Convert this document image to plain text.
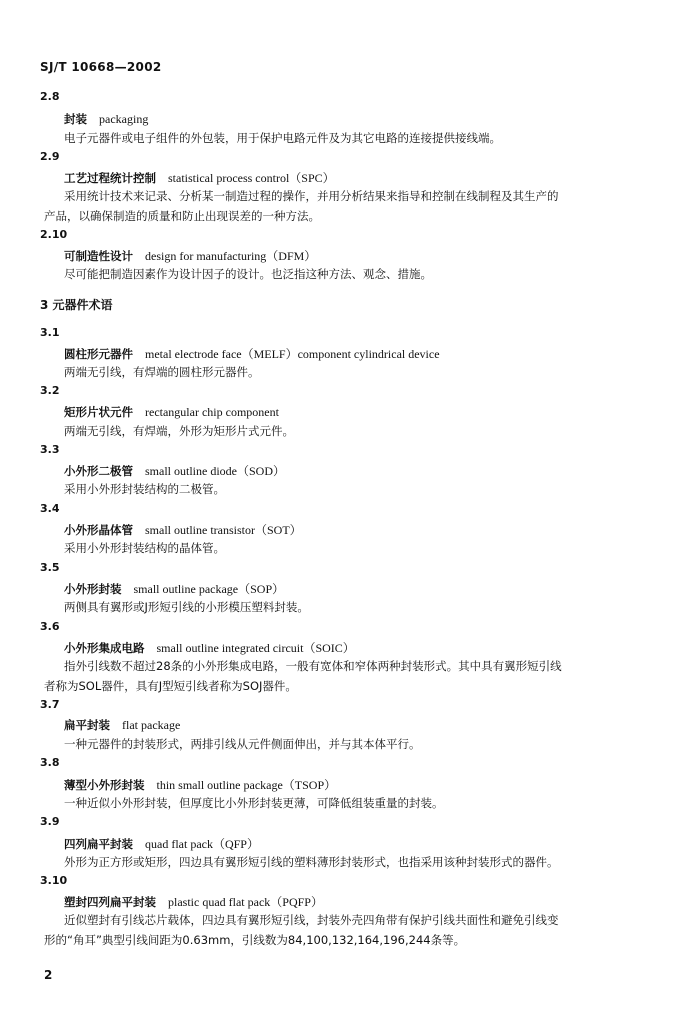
SJ/T 10668—2002
2.8
封装 packaging
电子元器件或电子组件的外包装，用于保护电路元件及为其它电路的连接提供接线端。
2.9
工艺过程统计控制 statistical process control（SPC）
采用统计技术来记录、分析某一制造过程的操作，并用分析结果来指导和控制在线制程及其生产的
产品，以确保制造的质量和防止出现误差的一种方法。
2.10
可制造性设计 design for manufacturing（DFM）
尽可能把制造因素作为设计因子的设计。也泛指这种方法、观念、措施。
3 元器件术语
3.1
圆柱形元器件 metal electrode face（MELF）component cylindrical device
两端无引线，有焊端的圆柱形元器件。
3.2
矩形片状元件 rectangular chip component
两端无引线，有焊端，外形为矩形片式元件。
3.3
小外形二极管 small outline diode（SOD）
采用小外形封装结构的二极管。
3.4
小外形晶体管 small outline transistor（SOT）
采用小外形封装结构的晶体管。
3.5
小外形封装 small outline package（SOP）
两侧具有翼形或J形短引线的小形模压塑料封装。
3.6
小外形集成电路 small outline integrated circuit（SOIC）
指外引线数不超过28条的小外形集成电路，一般有宽体和窄体两种封装形式。其中具有翼形短引线
者称为SOL器件，具有J型短引线者称为SOJ器件。
3.7
扁平封装 flat package
一种元器件的封装形式，两排引线从元件侧面伸出，并与其本体平行。
3.8
薄型小外形封装 thin small outline package（TSOP）
一种近似小外形封装，但厚度比小外形封装更薄，可降低组装重量的封装。
3.9
四列扁平封装 quad flat pack（QFP）
外形为正方形或矩形，四边具有翼形短引线的塑料薄形封装形式，也指采用该种封装形式的器件。
3.10
塑封四列扁平封装 plastic quad flat pack（PQFP）
近似塑封有引线芯片载体，四边具有翼形短引线，封装外壳四角带有保护引线共面性和避免引线变
形的“角耳”典型引线间距为0.63mm，引线数为84,100,132,164,196,244条等。
2
